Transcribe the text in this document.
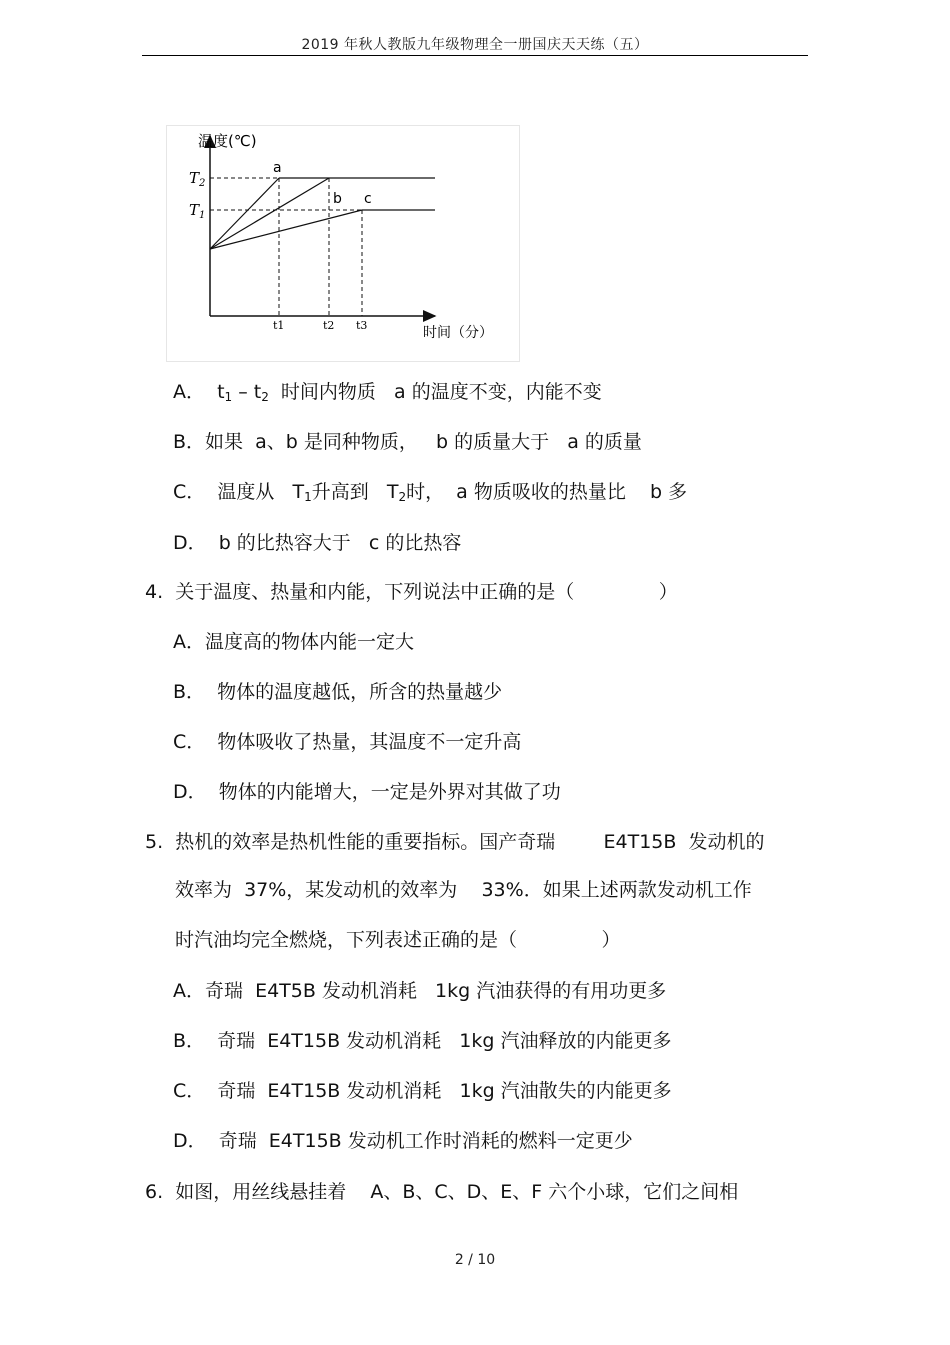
2019 年秋人教版九年级物理全一册国庆天天练（五）
温度(℃)
时间（分）
$T_2$
$T_1$
t1	t2 t3
a
b c
A．  $t_1 - t_2$  时间内物质   a 的温度不变，内能不变
B．如果  a、b 是同种物质，   b 的质量大于   a 的质量
C．  温度从   $T_1$升高到   $T_2$时，  a 物质吸收的热量比    b 多
D．  b 的比热容大于   c 的比热容
4.  关于温度、热量和内能，下列说法中正确的是（              ）
A．温度高的物体内能一定大
B．  物体的温度越低，所含的热量越少
C．  物体吸收了热量，其温度不一定升高
D．  物体的内能增大，一定是外界对其做了功
5.  热机的效率是热机性能的重要指标。国产奇瑞        E4T15B  发动机的
效率为  37%，某发动机的效率为    33%．如果上述两款发动机工作
时汽油均完全燃烧，下列表述正确的是（              ）
A．奇瑞  E4T5B 发动机消耗   1kg 汽油获得的有用功更多
B．  奇瑞  E4T15B 发动机消耗   1kg 汽油释放的内能更多
C．  奇瑞  E4T15B 发动机消耗   1kg 汽油散失的内能更多
D．  奇瑞  E4T15B 发动机工作时消耗的燃料一定更少
6.  如图，用丝线悬挂着    A、B、C、D、E、F 六个小球，它们之间相
2 / 10
